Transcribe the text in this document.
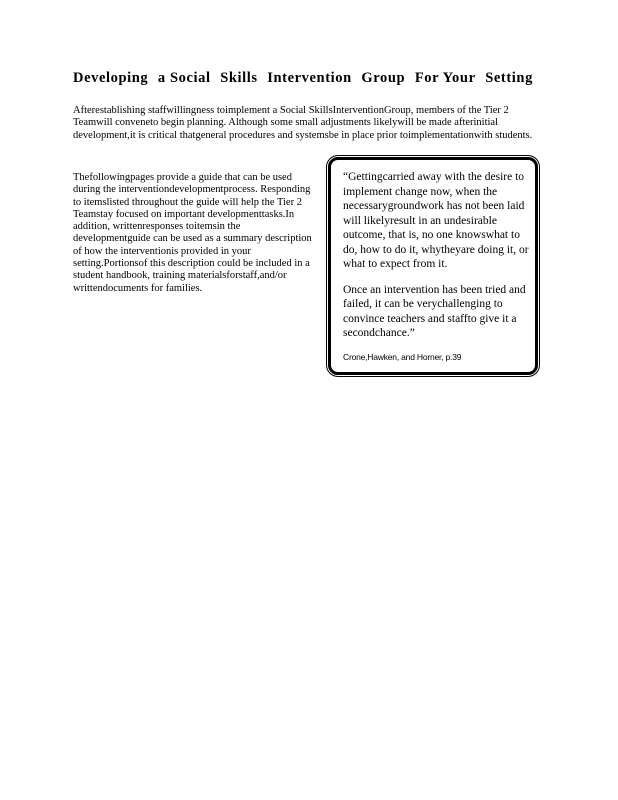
Developing a Social Skills Intervention Group For Your Setting

Afterestablishing staffwillingness toimplement a Social SkillsInterventionGroup, members of the Tier 2 Teamwill conveneto begin planning. Although some small adjustments likelywill be made afterinitial development,it is critical thatgeneral procedures and systemsbe in place prior toimplementationwith students.

Thefollowingpages provide a guide that can be used during the interventiondevelopmentprocess. Responding to itemslisted throughout the guide will help the Tier 2 Teamstay focused on important developmenttasks.In addition, writtenresponses toitemsin the developmentguide can be used as a summary description of how the interventionis provided in your setting.Portionsof this description could be included in a student handbook, training materialsforstaff,and/or writtendocuments for families.

“Gettingcarried away with the desire to implement change now, when the necessarygroundwork has not been laid will likelyresult in an undesirable outcome, that is, no one knowswhat to do, how to do it, whytheyare doing it, or what to expect from it.

Once an intervention has been tried and failed, it can be verychallenging to convince teachers and staffto give it a secondchance.”

Crone,Hawken, and Horner, p.39
